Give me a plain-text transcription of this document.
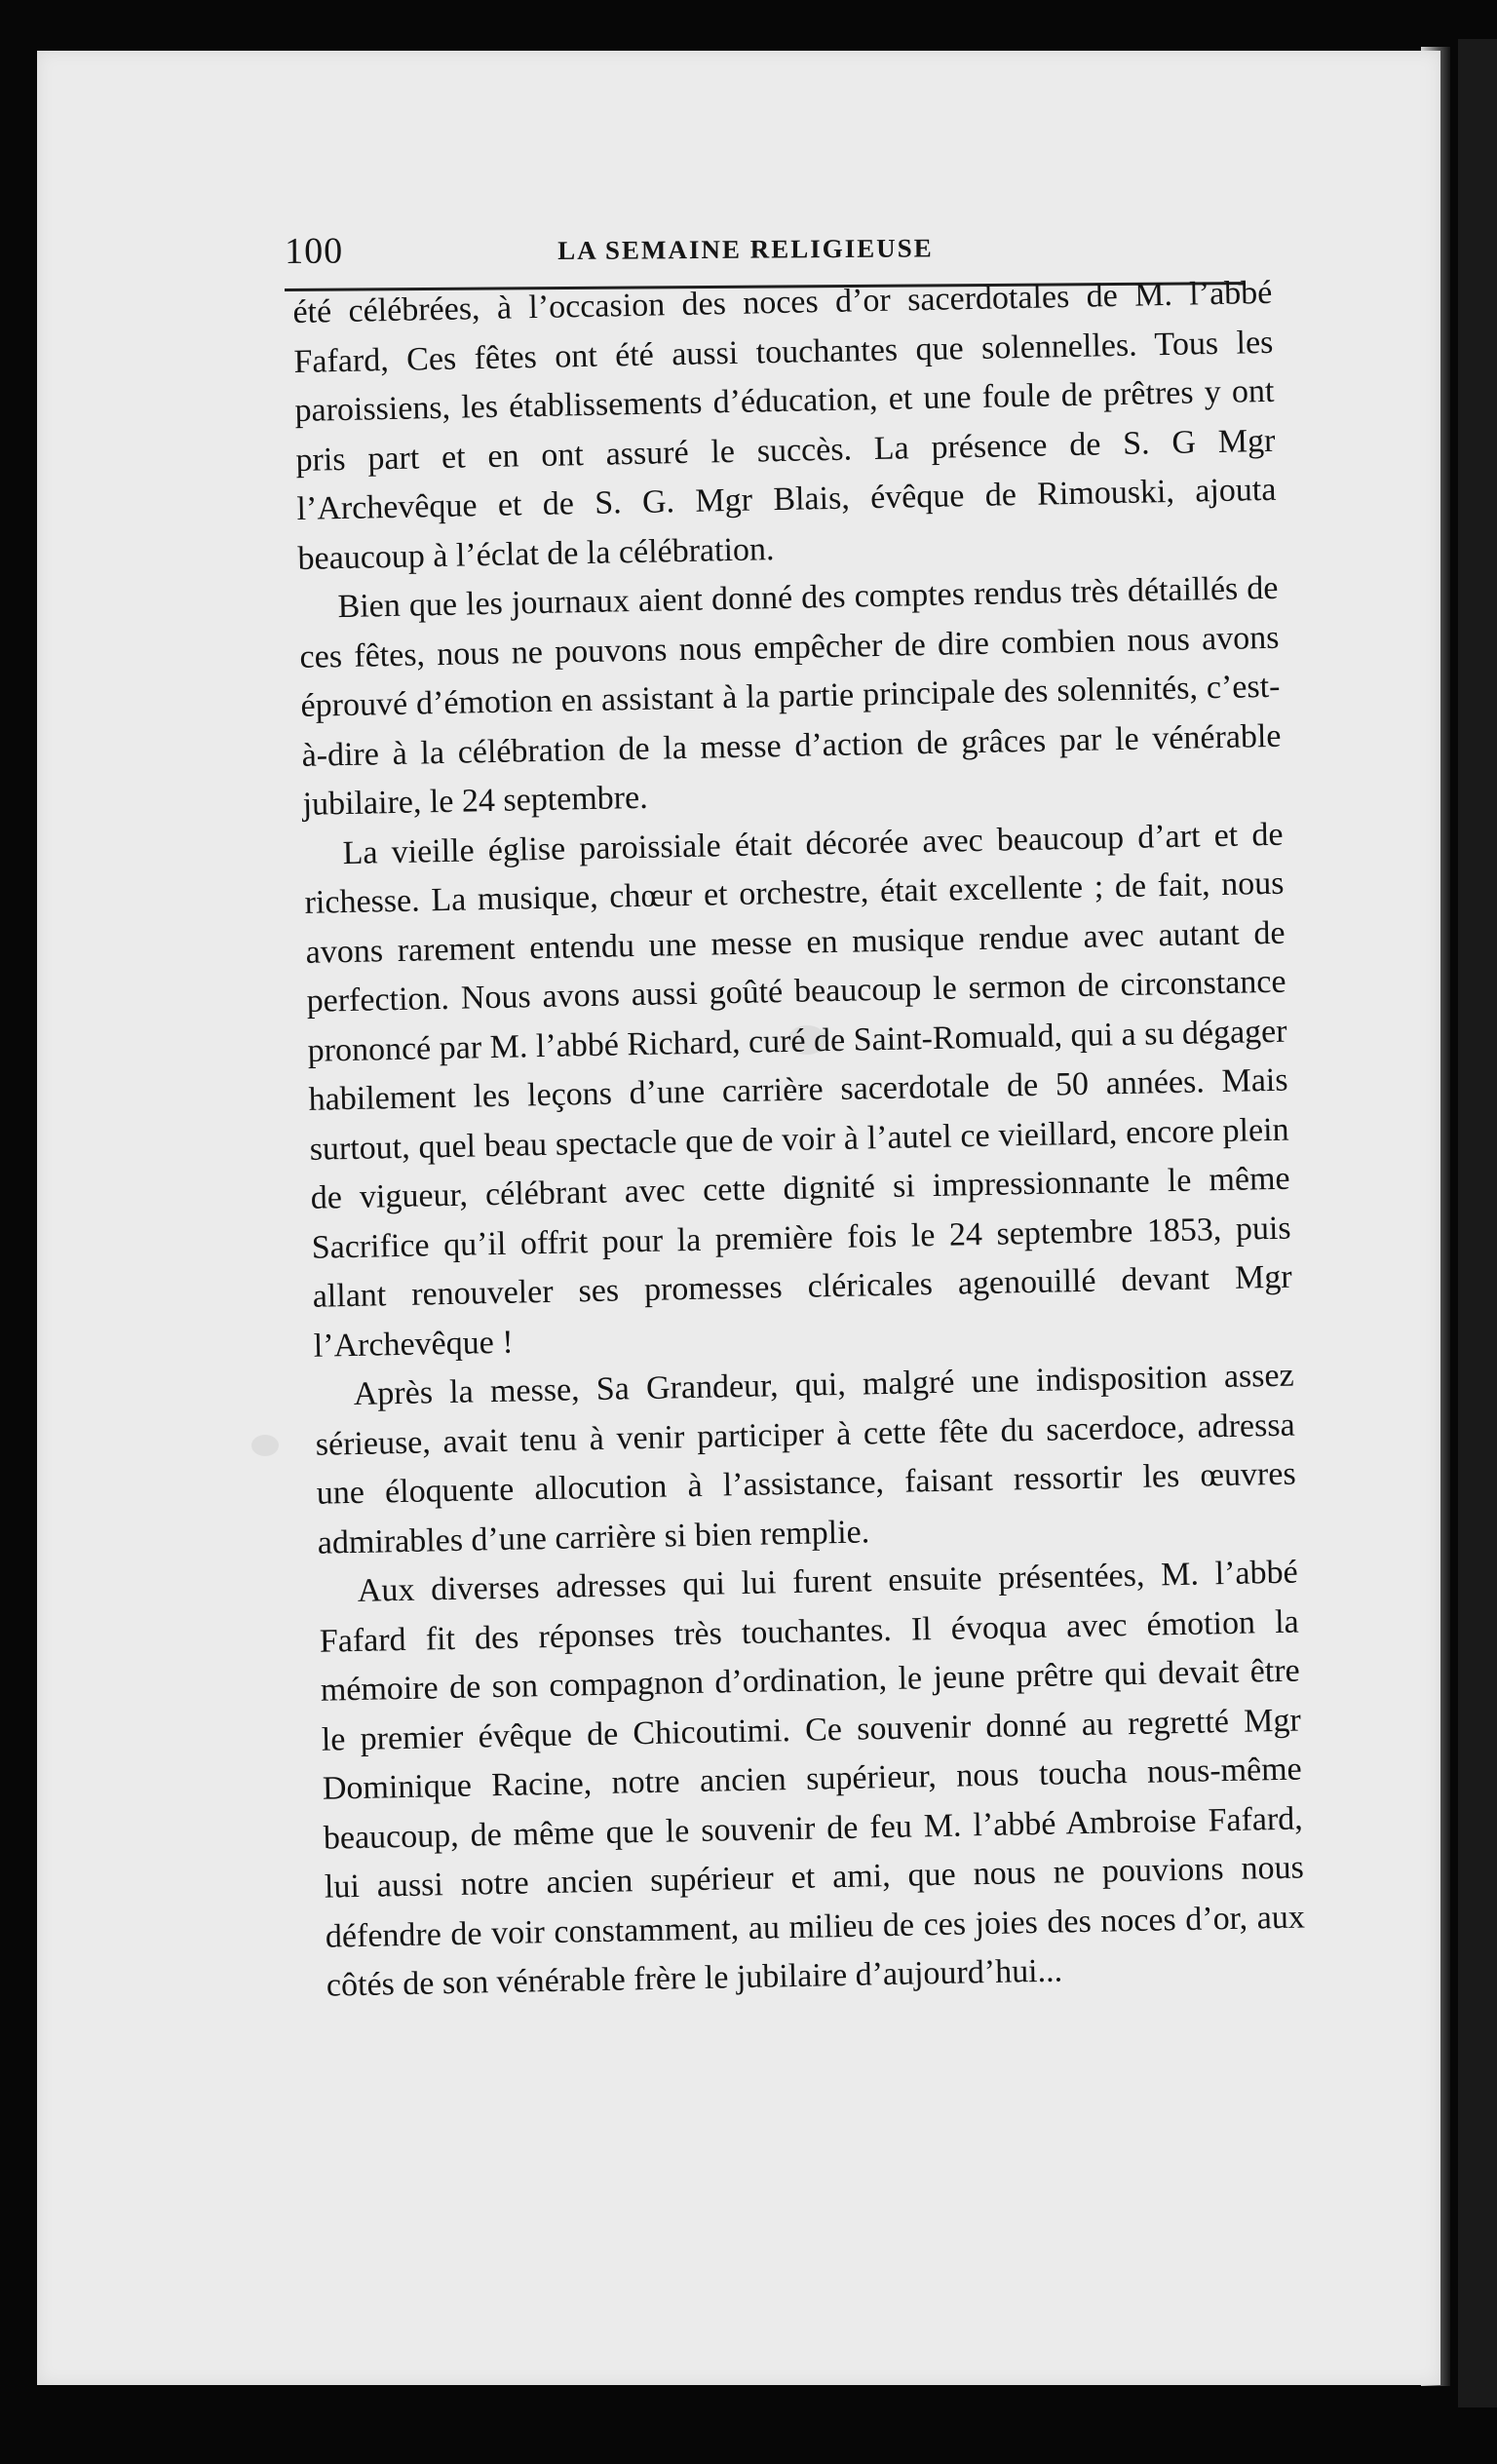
100	LA SEMAINE RELIGIEUSE

été célébrées, à l’occasion des noces d’or sacerdotales de M. l’abbé Fafard, Ces fêtes ont été aussi touchantes que solennelles. Tous les paroissiens, les établissements d’éducation, et une foule de prêtres y ont pris part et en ont assuré le succès. La présence de S. G Mgr l’Archevêque et de S. G. Mgr Blais, évêque de Rimouski, ajouta beaucoup à l’éclat de la célébration.

Bien que les journaux aient donné des comptes rendus très détaillés de ces fêtes, nous ne pouvons nous empêcher de dire combien nous avons éprouvé d’émotion en assistant à la partie principale des solennités, c’est-à-dire à la célébration de la messe d’action de grâces par le vénérable jubilaire, le 24 septembre.

La vieille église paroissiale était décorée avec beaucoup d’art et de richesse. La musique, chœur et orchestre, était excellente ; de fait, nous avons rarement entendu une messe en musique rendue avec autant de perfection. Nous avons aussi goûté beaucoup le sermon de circonstance prononcé par M. l’abbé Richard, curé de Saint-Romuald, qui a su dégager habilement les leçons d’une carrière sacerdotale de 50 années. Mais surtout, quel beau spectacle que de voir à l’autel ce vieillard, encore plein de vigueur, célébrant avec cette dignité si impressionnante le même Sacrifice qu’il offrit pour la première fois le 24 septembre 1853, puis allant renouveler ses promesses cléricales agenouillé devant Mgr l’Archevêque !

Après la messe, Sa Grandeur, qui, malgré une indisposition assez sérieuse, avait tenu à venir participer à cette fête du sacerdoce, adressa une éloquente allocution à l’assistance, faisant ressortir les œuvres admirables d’une carrière si bien remplie.

Aux diverses adresses qui lui furent ensuite présentées, M. l’abbé Fafard fit des réponses très touchantes. Il évoqua avec émotion la mémoire de son compagnon d’ordination, le jeune prêtre qui devait être le premier évêque de Chicoutimi. Ce souvenir donné au regretté Mgr Dominique Racine, notre ancien supérieur, nous toucha nous-même beaucoup, de même que le souvenir de feu M. l’abbé Ambroise Fafard, lui aussi notre ancien supérieur et ami, que nous ne pouvions nous défendre de voir constamment, au milieu de ces joies des noces d’or, aux côtés de son vénérable frère le jubilaire d’aujourd’hui...
